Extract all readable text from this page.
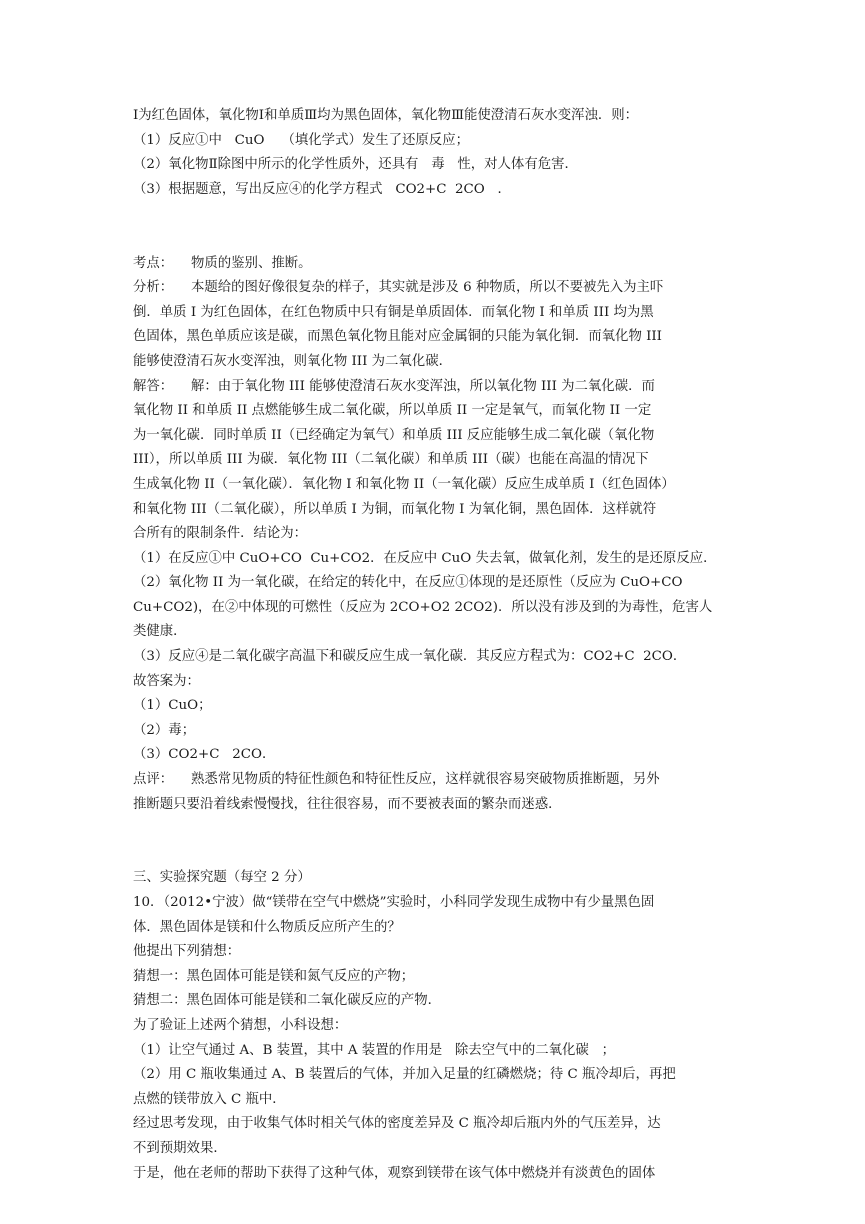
Ⅰ为红色固体，氧化物Ⅰ和单质Ⅲ均为黑色固体，氧化物Ⅲ能使澄清石灰水变浑浊．则：
（1）反应①中   CuO    （填化学式）发生了还原反应；
（2）氧化物Ⅱ除图中所示的化学性质外，还具有   毒   性，对人体有危害．
（3）根据题意，写出反应④的化学方程式   CO2+C  2CO   ．
考点： 物质的鉴别、推断。
分析： 本题给的图好像很复杂的样子，其实就是涉及 6 种物质，所以不要被先入为主吓
倒．单质 I 为红色固体，在红色物质中只有铜是单质固体．而氧化物 I 和单质 III 均为黑
色固体，黑色单质应该是碳，而黑色氧化物且能对应金属铜的只能为氧化铜．而氧化物 III
能够使澄清石灰水变浑浊，则氧化物 III 为二氧化碳．
解答： 解：由于氧化物 III 能够使澄清石灰水变浑浊，所以氧化物 III 为二氧化碳．而
氧化物 II 和单质 II 点燃能够生成二氧化碳，所以单质 II 一定是氧气，而氧化物 II 一定
为一氧化碳．同时单质 II（已经确定为氧气）和单质 III 反应能够生成二氧化碳（氧化物
III），所以单质 III 为碳．氧化物 III（二氧化碳）和单质 III（碳）也能在高温的情况下
生成氧化物 II（一氧化碳）．氧化物 I 和氧化物 II（一氧化碳）反应生成单质 I（红色固体）
和氧化物 III（二氧化碳），所以单质 I 为铜，而氧化物 I 为氧化铜，黑色固体．这样就符
合所有的限制条件．结论为：
（1）在反应①中 CuO+CO  Cu+CO2．在反应中 CuO 失去氧，做氧化剂，发生的是还原反应．
（2）氧化物 II 为一氧化碳，在给定的转化中，在反应①体现的是还原性（反应为 CuO+CO
Cu+CO2)，在②中体现的可燃性（反应为 2CO+O2 2CO2)．所以没有涉及到的为毒性，危害人
类健康．
（3）反应④是二氧化碳字高温下和碳反应生成一氧化碳．其反应方程式为：CO2+C  2CO．
故答案为：
（1）CuO；
（2）毒；
（3）CO2+C   2CO．
点评： 熟悉常见物质的特征性颜色和特征性反应，这样就很容易突破物质推断题，另外
推断题只要沿着线索慢慢找，往往很容易，而不要被表面的繁杂而迷惑．
三、实验探究题（每空 2 分）
10．（2012•宁波）做“镁带在空气中燃烧”实验时，小科同学发现生成物中有少量黑色固
体．黑色固体是镁和什么物质反应所产生的？
他提出下列猜想：
猜想一：黑色固体可能是镁和氮气反应的产物；
猜想二：黑色固体可能是镁和二氧化碳反应的产物．
为了验证上述两个猜想，小科设想：
（1）让空气通过 A、B 装置，其中 A 装置的作用是   除去空气中的二氧化碳   ；
（2）用 C 瓶收集通过 A、B 装置后的气体，并加入足量的红磷燃烧；待 C 瓶冷却后，再把
点燃的镁带放入 C 瓶中．
经过思考发现，由于收集气体时相关气体的密度差异及 C 瓶冷却后瓶内外的气压差异，达
不到预期效果．
于是，他在老师的帮助下获得了这种气体，观察到镁带在该气体中燃烧并有淡黄色的固体
